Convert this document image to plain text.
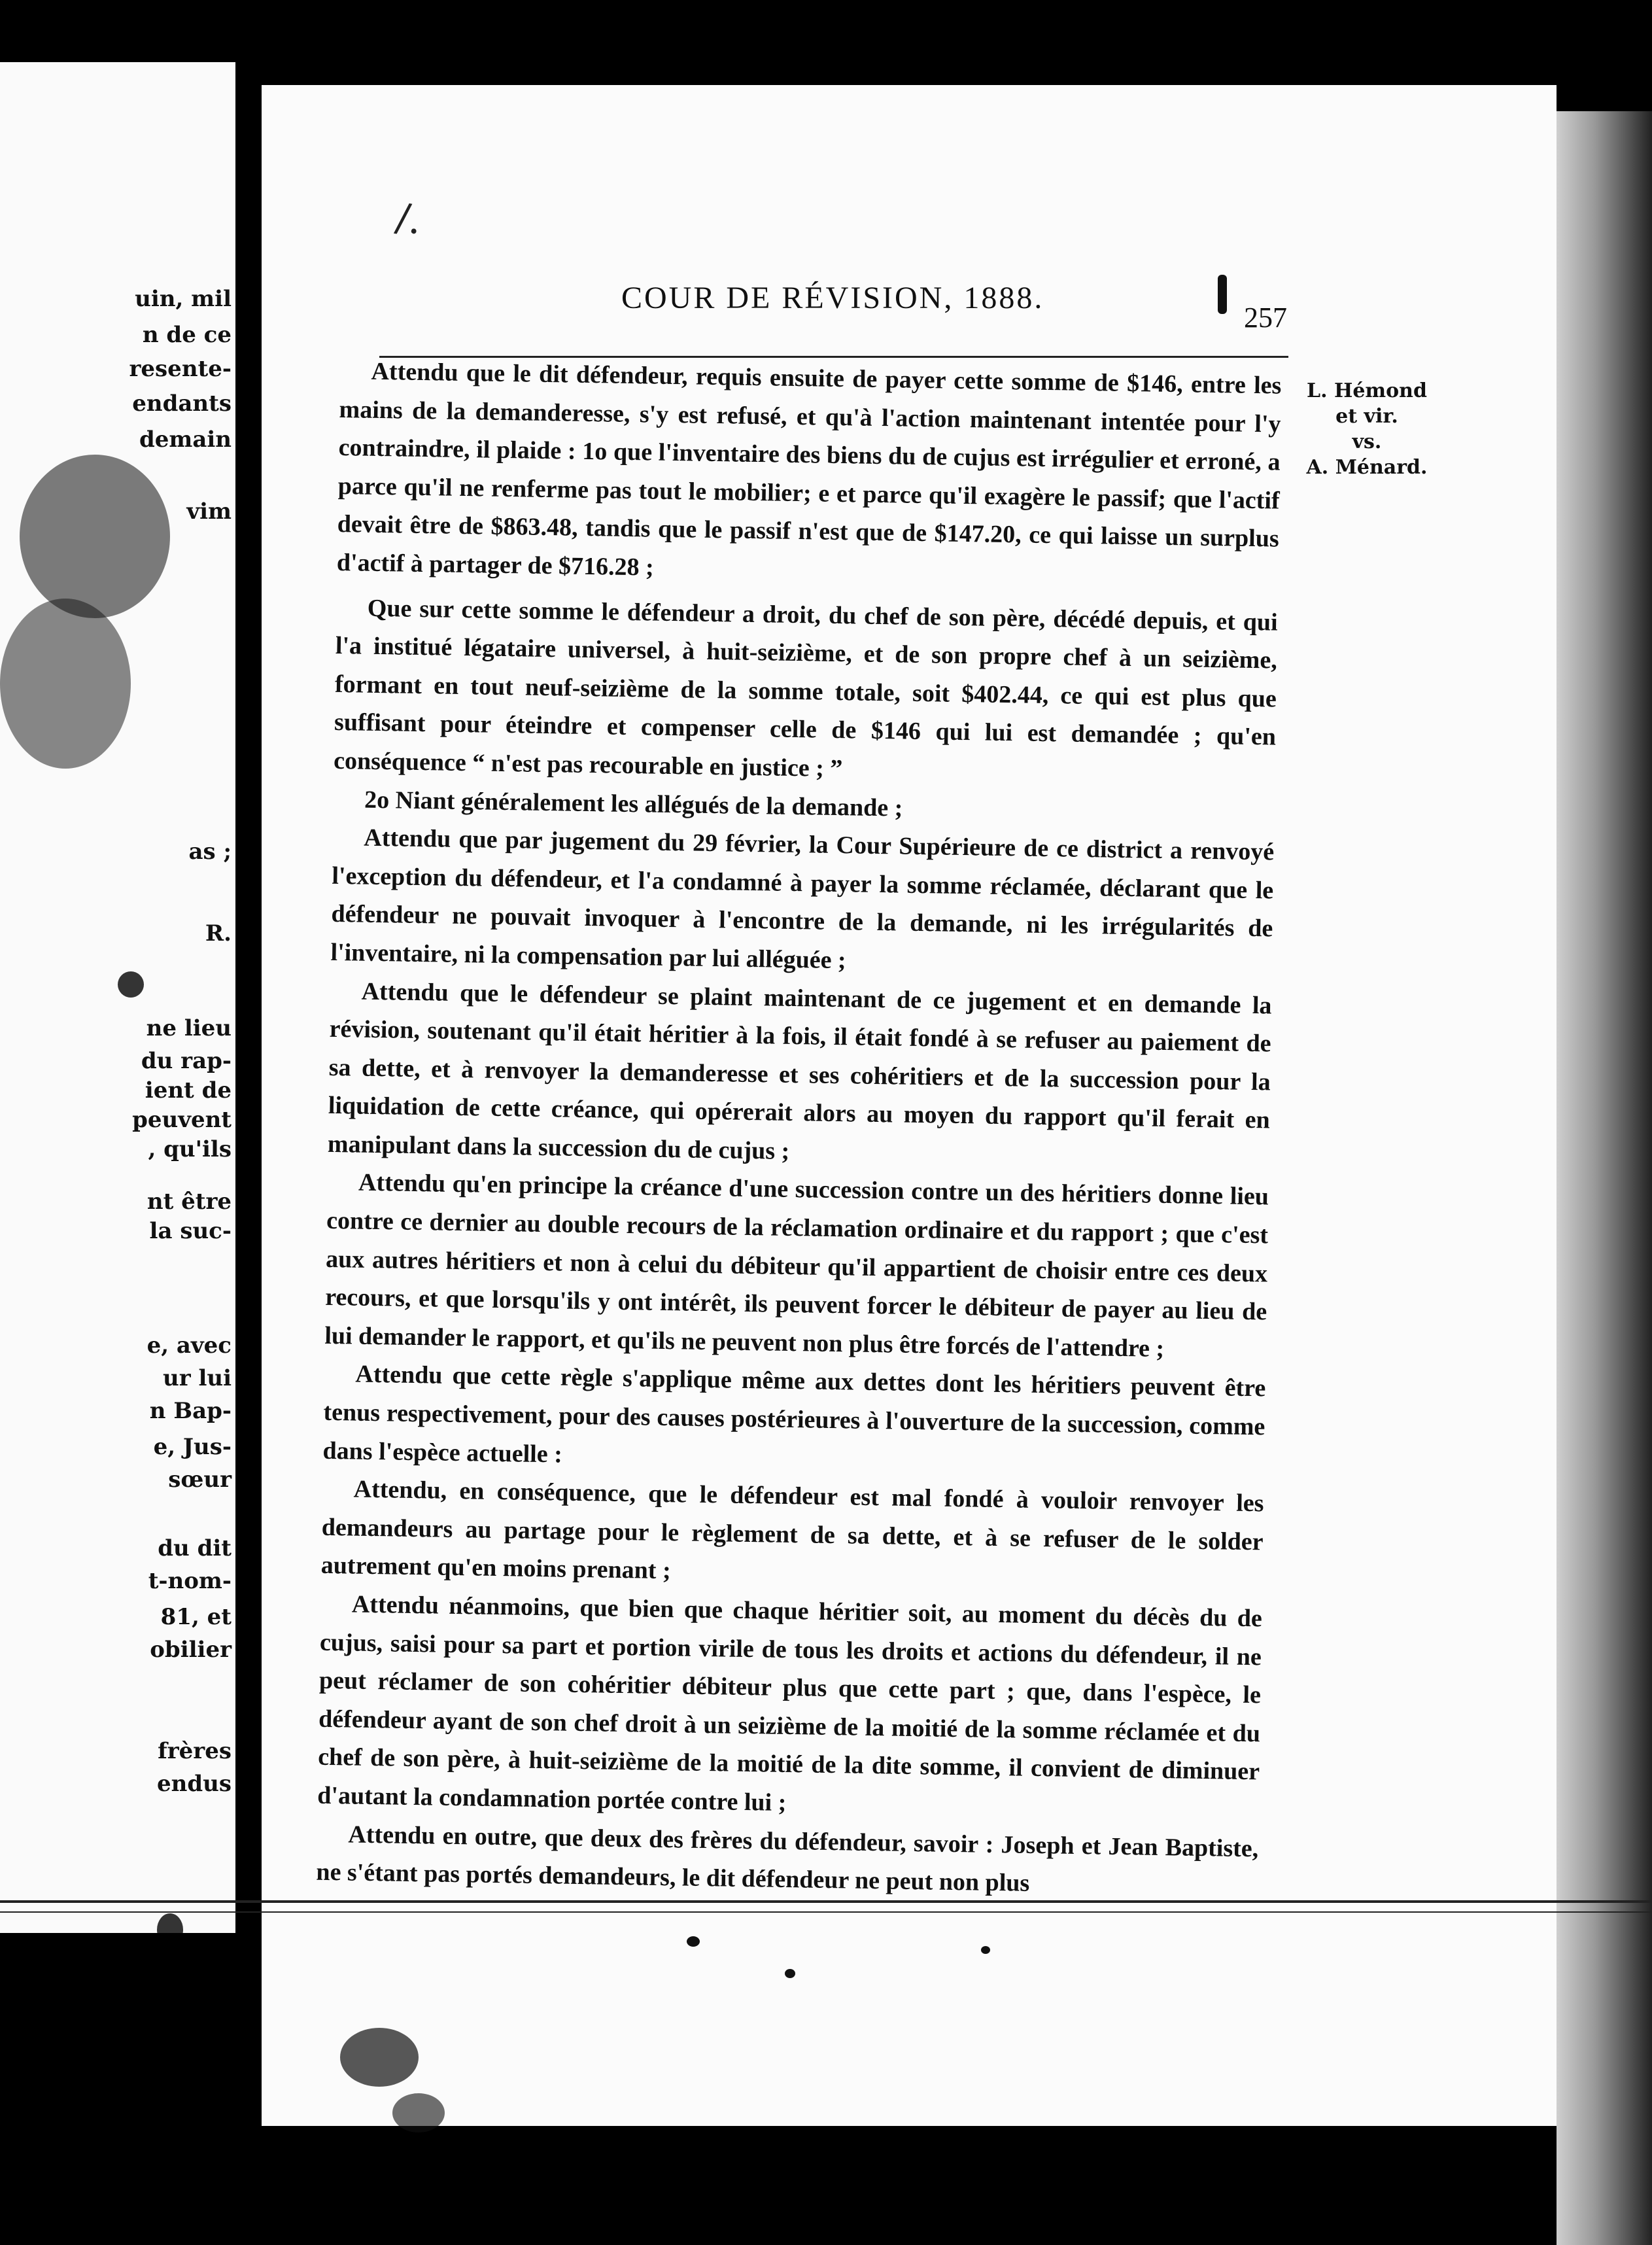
uin, mil
n de ce
resente-
endants
demain
vim
as ;
R.
ne lieu
du rap-
ient de
peuvent
, qu'ils
nt être
la suc-
e, avec
ur lui
n Bap-
e, Jus-
sœur
du dit
t-nom-
81, et
obilier
frères
endus
COUR DE RÉVISION, 1888.
257
/.
L. Hémond
et vir.
vs.
A. Ménard.

Attendu que le dit défendeur, requis ensuite de payer cette somme de $146, entre les mains de la demanderesse, s'y est refusé, et qu'à l'action maintenant intentée pour l'y contraindre, il plaide : 1o que l'inventaire des biens du de cujus est irrégulier et erroné, a parce qu'il ne renferme pas tout le mobilier; e et parce qu'il exagère le passif; que l'actif devait être de $863.48, tandis que le passif n'est que de $147.20, ce qui laisse un surplus d'actif à partager de $716.28 ;

Que sur cette somme le défendeur a droit, du chef de son père, décédé depuis, et qui l'a institué légataire universel, à huit-seizième, et de son propre chef à un seizième, formant en tout neuf-seizième de la somme totale, soit $402.44, ce qui est plus que suffisant pour éteindre et compenser celle de $146 qui lui est demandée ; qu'en conséquence “ n'est pas recourable en justice ; ”

2o Niant généralement les allégués de la demande ;

Attendu que par jugement du 29 février, la Cour Supérieure de ce district a renvoyé l'exception du défendeur, et l'a condamné à payer la somme réclamée, déclarant que le défendeur ne pouvait invoquer à l'encontre de la demande, ni les irrégularités de l'inventaire, ni la compensation par lui alléguée ;

Attendu que le défendeur se plaint maintenant de ce jugement et en demande la révision, soutenant qu'il était héritier à la fois, il était fondé à se refuser au paiement de sa dette, et à renvoyer la demanderesse et ses cohéritiers et de la succession pour la liquidation de cette créance, qui opérerait alors au moyen du rapport qu'il ferait en manipulant dans la succession du de cujus ;

Attendu qu'en principe la créance d'une succession contre un des héritiers donne lieu contre ce dernier au double recours de la réclamation ordinaire et du rapport ; que c'est aux autres héritiers et non à celui du débiteur qu'il appartient de choisir entre ces deux recours, et que lorsqu'ils y ont intérêt, ils peuvent forcer le débiteur de payer au lieu de lui demander le rapport, et qu'ils ne peuvent non plus être forcés de l'attendre ;

Attendu que cette règle s'applique même aux dettes dont les héritiers peuvent être tenus respectivement, pour des causes postérieures à l'ouverture de la succession, comme dans l'espèce actuelle :

Attendu, en conséquence, que le défendeur est mal fondé à vouloir renvoyer les demandeurs au partage pour le règlement de sa dette, et à se refuser de le solder autrement qu'en moins prenant ;

Attendu néanmoins, que bien que chaque héritier soit, au moment du décès du de cujus, saisi pour sa part et portion virile de tous les droits et actions du défendeur, il ne peut réclamer de son cohéritier débiteur plus que cette part ; que, dans l'espèce, le défendeur ayant de son chef droit à un seizième de la moitié de la somme réclamée et du chef de son père, à huit-seizième de la moitié de la dite somme, il convient de diminuer d'autant la condamnation portée contre lui ;

Attendu en outre, que deux des frères du défendeur, savoir : Joseph et Jean Baptiste, ne s'étant pas portés demandeurs, le dit défendeur ne peut non plus
